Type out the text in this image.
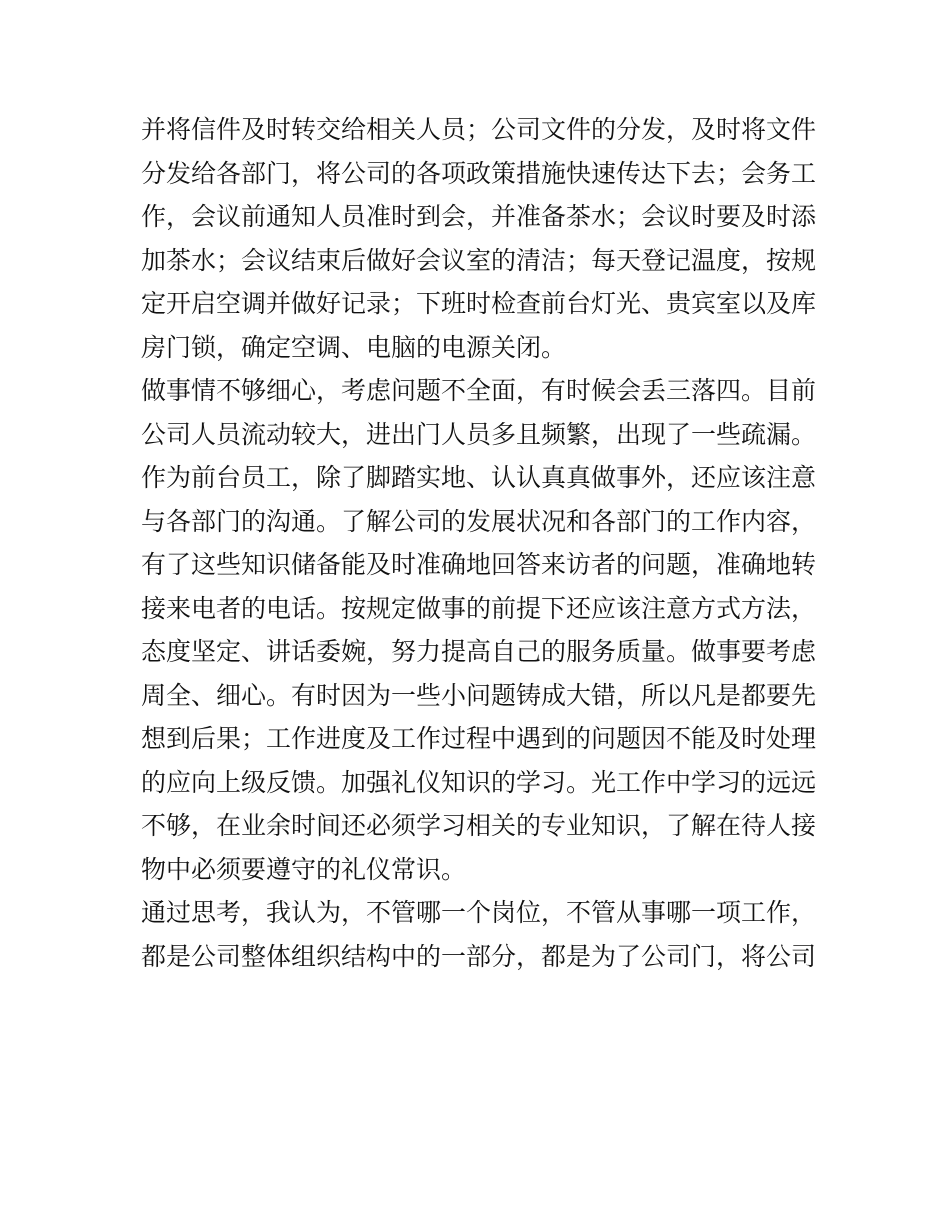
并将信件及时转交给相关人员；公司文件的分发，及时将文件
分发给各部门，将公司的各项政策措施快速传达下去；会务工
作，会议前通知人员准时到会，并准备茶水；会议时要及时添
加茶水；会议结束后做好会议室的清洁；每天登记温度，按规
定开启空调并做好记录；下班时检查前台灯光、贵宾室以及库
房门锁，确定空调、电脑的电源关闭。
做事情不够细心，考虑问题不全面，有时候会丢三落四。目前
公司人员流动较大，进出门人员多且频繁，出现了一些疏漏。
作为前台员工，除了脚踏实地、认认真真做事外，还应该注意
与各部门的沟通。了解公司的发展状况和各部门的工作内容，
有了这些知识储备能及时准确地回答来访者的问题，准确地转
接来电者的电话。按规定做事的前提下还应该注意方式方法，
态度坚定、讲话委婉，努力提高自己的服务质量。做事要考虑
周全、细心。有时因为一些小问题铸成大错，所以凡是都要先
想到后果；工作进度及工作过程中遇到的问题因不能及时处理
的应向上级反馈。加强礼仪知识的学习。光工作中学习的远远
不够，在业余时间还必须学习相关的专业知识，了解在待人接
物中必须要遵守的礼仪常识。
通过思考，我认为，不管哪一个岗位，不管从事哪一项工作，
都是公司整体组织结构中的一部分，都是为了公司门，将公司
